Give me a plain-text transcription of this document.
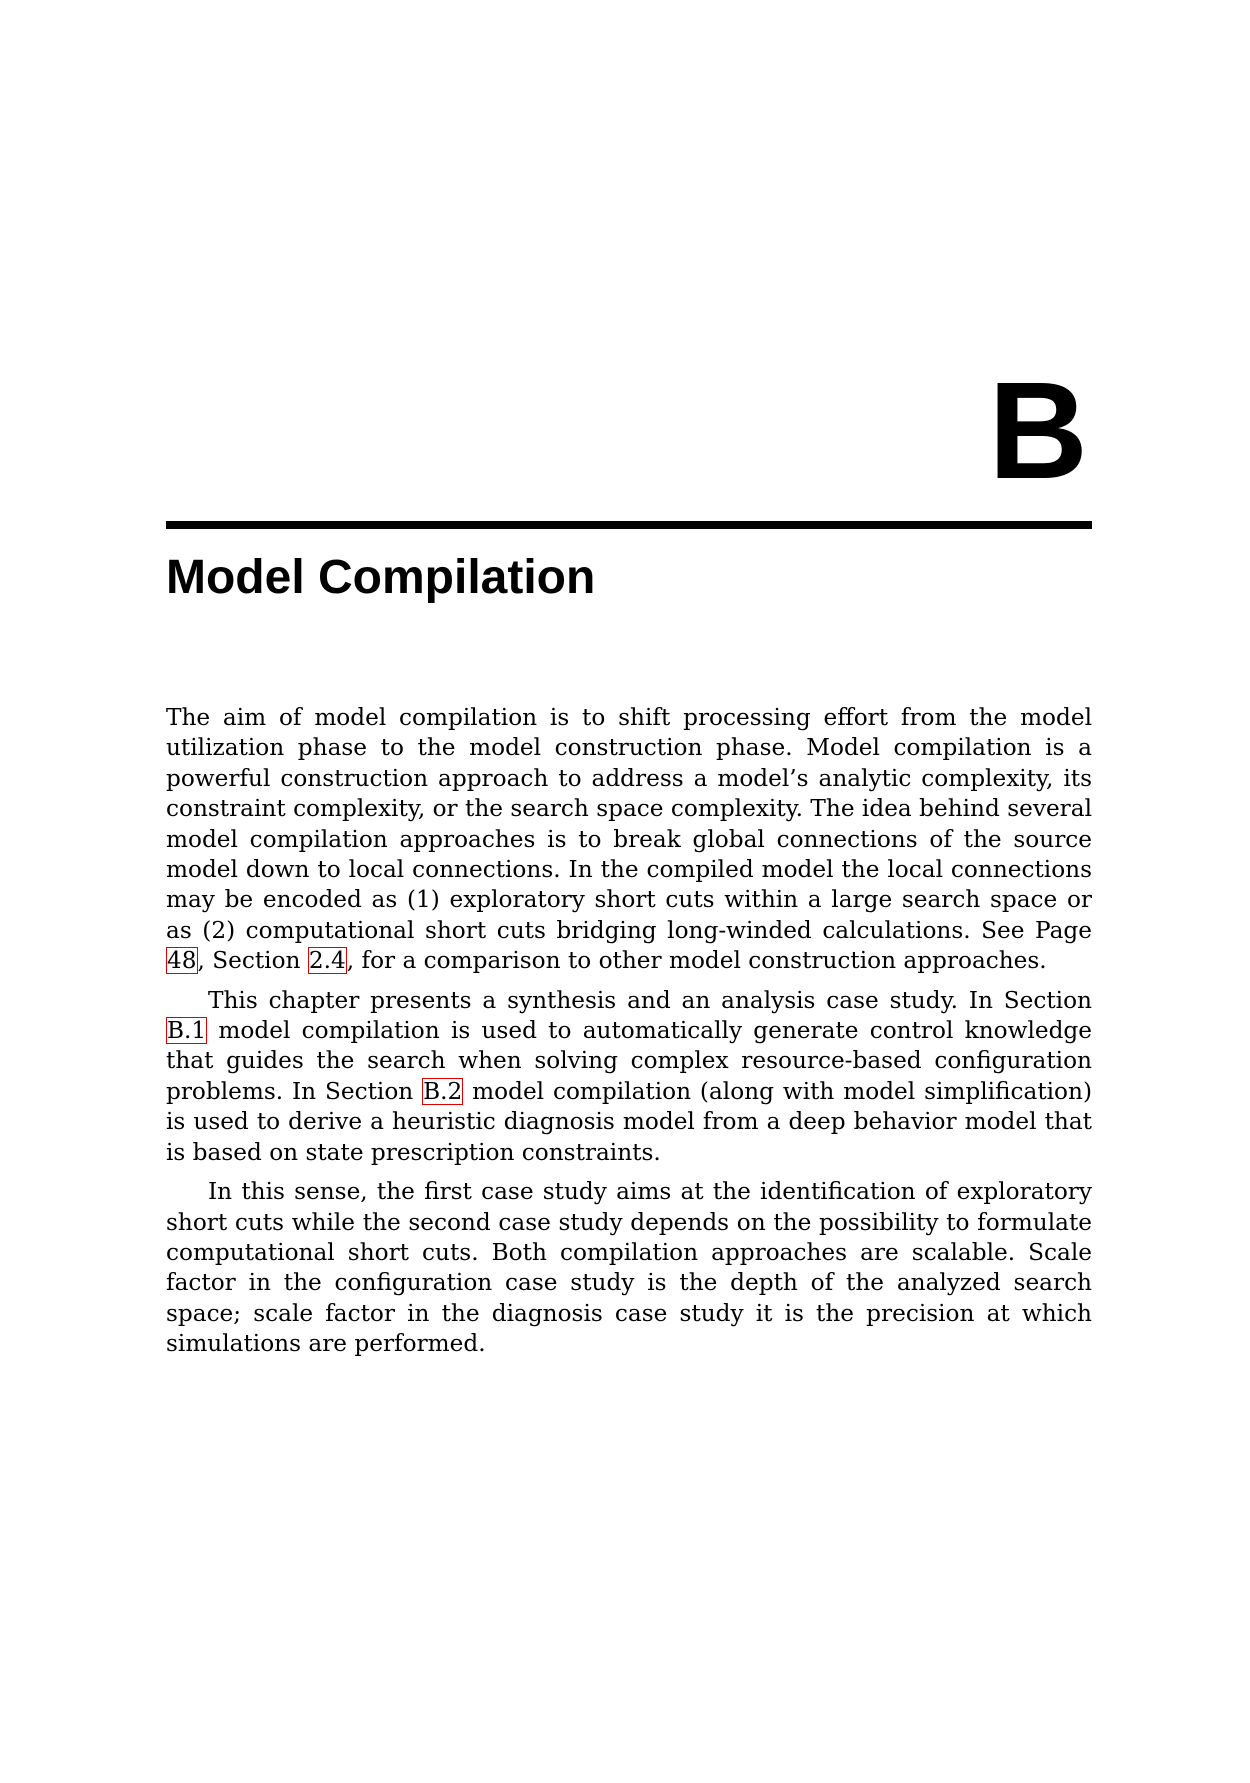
B
Model Compilation

The aim of model compilation is to shift processing effort from the model utilization phase to the model construction phase. Model compilation is a powerful construction approach to address a model’s analytic complexity, its constraint complexity, or the search space complexity. The idea behind several model compilation approaches is to break global connections of the source model down to local connections. In the compiled model the local connections may be encoded as (1) exploratory short cuts within a large search space or as (2) computational short cuts bridging long-winded calculations. See Page 48, Section 2.4, for a comparison to other model construction approaches.

This chapter presents a synthesis and an analysis case study. In Section B.1 model compilation is used to automatically generate control knowledge that guides the search when solving complex resource-based configuration problems. In Section B.2 model compilation (along with model simplification) is used to derive a heuristic diagnosis model from a deep behavior model that is based on state prescription constraints.

In this sense, the first case study aims at the identification of exploratory short cuts while the second case study depends on the possibility to formulate computational short cuts. Both compilation approaches are scalable. Scale factor in the configuration case study is the depth of the analyzed search space; scale factor in the diagnosis case study it is the precision at which simulations are performed.
